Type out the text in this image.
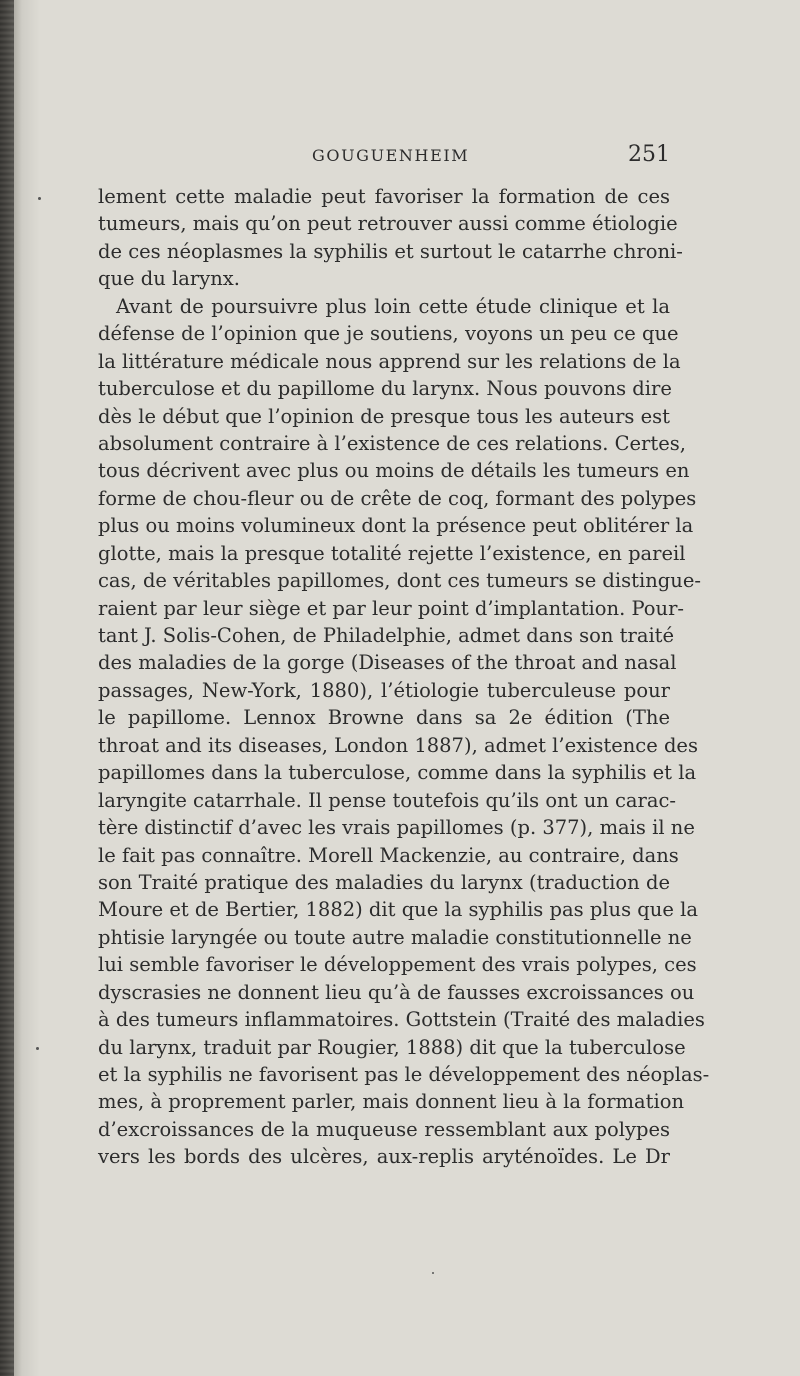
GOUGUENHEIM	251
lement cette maladie peut favoriser la formation de ces
tumeurs, mais qu’on peut retrouver aussi comme étiologie
de ces néoplasmes la syphilis et surtout le catarrhe chroni-
que du larynx.
Avant de poursuivre plus loin cette étude clinique et la
défense de l’opinion que je soutiens, voyons un peu ce que
la littérature médicale nous apprend sur les relations de la
tuberculose et du papillome du larynx. Nous pouvons dire
dès le début que l’opinion de presque tous les auteurs est
absolument contraire à l’existence de ces relations. Certes,
tous décrivent avec plus ou moins de détails les tumeurs en
forme de chou-fleur ou de crête de coq, formant des polypes
plus ou moins volumineux dont la présence peut oblitérer la
glotte, mais la presque totalité rejette l’existence, en pareil
cas, de véritables papillomes, dont ces tumeurs se distingue-
raient par leur siège et par leur point d’implantation. Pour-
tant J. Solis-Cohen, de Philadelphie, admet dans son traité
des maladies de la gorge (Diseases of the throat and nasal
passages, New-York, 1880), l’étiologie tuberculeuse pour
le papillome. Lennox Browne dans sa 2e édition (The
throat and its diseases, London 1887), admet l’existence des
papillomes dans la tuberculose, comme dans la syphilis et la
laryngite catarrhale. Il pense toutefois qu’ils ont un carac-
tère distinctif d’avec les vrais papillomes (p. 377), mais il ne
le fait pas connaître. Morell Mackenzie, au contraire, dans
son Traité pratique des maladies du larynx (traduction de
Moure et de Bertier, 1882) dit que la syphilis pas plus que la
phtisie laryngée ou toute autre maladie constitutionnelle ne
lui semble favoriser le développement des vrais polypes, ces
dyscrasies ne donnent lieu qu’à de fausses excroissances ou
à des tumeurs inflammatoires. Gottstein (Traité des maladies
du larynx, traduit par Rougier, 1888) dit que la tuberculose
et la syphilis ne favorisent pas le développement des néoplas-
mes, à proprement parler, mais donnent lieu à la formation
d’excroissances de la muqueuse ressemblant aux polypes
vers les bords des ulcères, aux-replis aryténoïdes. Le Dr
